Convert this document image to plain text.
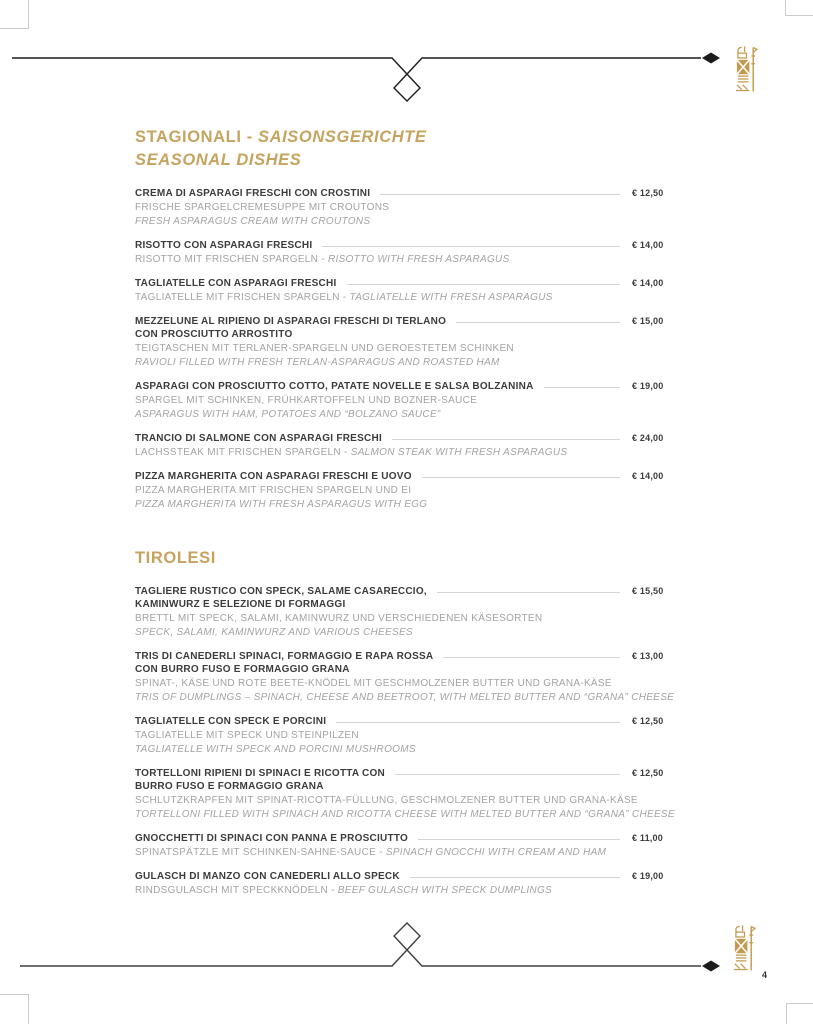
STAGIONALI - SAISONSGERICHTE
SEASONAL DISHES
CREMA DI ASPARAGI FRESCHI CON CROSTINI	€ 12,50
FRISCHE SPARGELCREMESUPPE MIT CROUTONS
FRESH ASPARAGUS CREAM WITH CROUTONS
RISOTTO CON ASPARAGI FRESCHI	€ 14,00
RISOTTO MIT FRISCHEN SPARGELN - RISOTTO WITH FRESH ASPARAGUS
TAGLIATELLE CON ASPARAGI FRESCHI	€ 14,00
TAGLIATELLE MIT FRISCHEN SPARGELN - TAGLIATELLE WITH FRESH ASPARAGUS
MEZZELUNE AL RIPIENO DI ASPARAGI FRESCHI DI TERLANO
CON PROSCIUTTO ARROSTITO
€ 15,00
TEIGTASCHEN MIT TERLANER-SPARGELN UND GEROESTETEM SCHINKEN
RAVIOLI FILLED WITH FRESH TERLAN-ASPARAGUS AND ROASTED HAM
ASPARAGI CON PROSCIUTTO COTTO, PATATE NOVELLE E SALSA BOLZANINA	€ 19,00
SPARGEL MIT SCHINKEN, FRÜHKARTOFFELN UND BOZNER-SAUCE
ASPARAGUS WITH HAM, POTATOES AND “BOLZANO SAUCE”
TRANCIO DI SALMONE CON ASPARAGI FRESCHI	€ 24,00
LACHSSTEAK MIT FRISCHEN SPARGELN - SALMON STEAK WITH FRESH ASPARAGUS
PIZZA MARGHERITA CON ASPARAGI FRESCHI E UOVO	€ 14,00
PIZZA MARGHERITA MIT FRISCHEN SPARGELN UND EI
PIZZA MARGHERITA WITH FRESH ASPARAGUS WITH EGG
TIROLESI
TAGLIERE RUSTICO CON SPECK, SALAME CASARECCIO,
KAMINWURZ E SELEZIONE DI FORMAGGI
€ 15,50
BRETTL MIT SPECK, SALAMI, KAMINWURZ UND VERSCHIEDENEN KÄSESORTEN
SPECK, SALAMI, KAMINWURZ AND VARIOUS CHEESES
TRIS DI CANEDERLI SPINACI, FORMAGGIO E RAPA ROSSA
CON BURRO FUSO E FORMAGGIO GRANA
€ 13,00
SPINAT-, KÄSE UND ROTE BEETE-KNÖDEL MIT GESCHMOLZENER BUTTER UND GRANA-KÄSE
TRIS OF DUMPLINGS – SPINACH, CHEESE AND BEETROOT, WITH MELTED BUTTER AND “GRANA” CHEESE
TAGLIATELLE CON SPECK E PORCINI	€ 12,50
TAGLIATELLE MIT SPECK UND STEINPILZEN
TAGLIATELLE WITH SPECK AND PORCINI MUSHROOMS
TORTELLONI RIPIENI DI SPINACI E RICOTTA CON
BURRO FUSO E FORMAGGIO GRANA
€ 12,50
SCHLUTZKRAPFEN MIT SPINAT-RICOTTA-FÜLLUNG, GESCHMOLZENER BUTTER UND GRANA-KÄSE
TORTELLONI FILLED WITH SPINACH AND RICOTTA CHEESE WITH MELTED BUTTER AND “GRANA” CHEESE
GNOCCHETTI DI SPINACI CON PANNA E PROSCIUTTO	€ 11,00
SPINATSPÄTZLE MIT SCHINKEN-SAHNE-SAUCE - SPINACH GNOCCHI WITH CREAM AND HAM
GULASCH DI MANZO CON CANEDERLI ALLO SPECK	€ 19,00
RINDSGULASCH MIT SPECKKNÖDELN - BEEF GULASCH WITH SPECK DUMPLINGS
4
